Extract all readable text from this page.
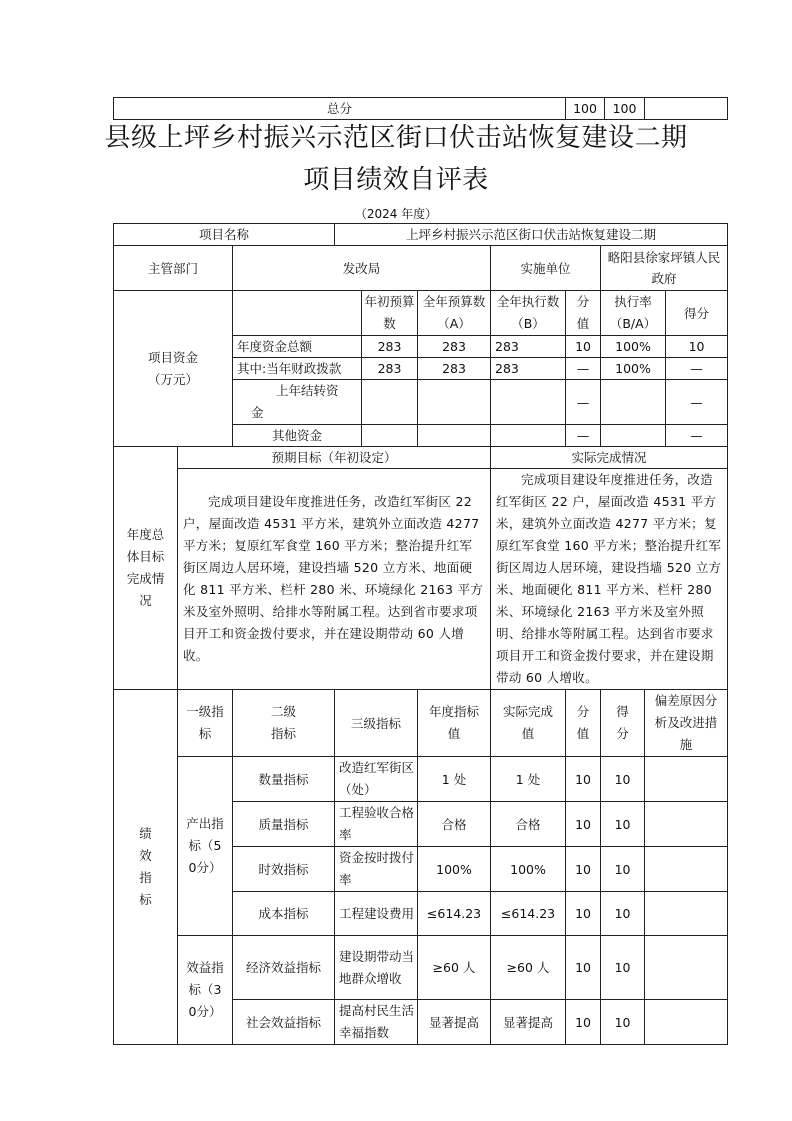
总分	100	100	
县级上坪乡村振兴示范区街口伏击站恢复建设二期
项目绩效自评表
（2024 年度）
项目名称			上坪乡村振兴示范区街口伏击站恢复建设二期							
主管部门		发改局				实施单位		略阳县徐家坪镇人民政府		
项目资金（万元）				年初预算数	全年预算数（A）	全年执行数（B）	分值	执行率（B/A）		得分
		年度资金总额		283	283	283	10	100%		10
		其中:当年财政拨款		283	283	283	—	100%		—
		上年结转资金					—			—
		其他资金					—			—
年度总体目标完成情况	预期目标（年初设定）					实际完成情况				
	完成项目建设年度推进任务，改造红军街区 22 户，屋面改造 4531 平方米，建筑外立面改造 4277 平方米；复原红军食堂 160 平方米；整治提升红军街区周边人居环境，建设挡墙 520 立方米、地面硬化 811 平方米、栏杆 280 米、环境绿化 2163 平方米及室外照明、给排水等附属工程。达到省市要求项目开工和资金拨付要求，并在建设期带动 60 人增收。					完成项目建设年度推进任务，改造红军街区 22 户，屋面改造 4531 平方米，建筑外立面改造 4277 平方米；复原红军食堂 160 平方米；整治提升红军街区周边人居环境，建设挡墙 520 立方米、地面硬化 811 平方米、栏杆 280 米、环境绿化 2163 平方米及室外照明、给排水等附属工程。达到省市要求项目开工和资金拨付要求，并在建设期带动 60 人增收。				
绩效指标	一级指标	二级指标	三级指标		年度指标值	实际完成值	分值	得分	偏差原因分析及改进措施	
	产出指标（50分）	数量指标	改造红军街区（处）		1 处	1 处	10	10		
		质量指标	工程验收合格率		合格	合格	10	10		
		时效指标	资金按时拨付率		100%	100%	10	10		
		成本指标	工程建设费用		≤614.23	≤614.23	10	10		
	效益指标（30分）	经济效益指标	建设期带动当地群众增收		≥60 人	≥60 人	10	10		
		社会效益指标	提高村民生活幸福指数		显著提高	显著提高	10	10		
